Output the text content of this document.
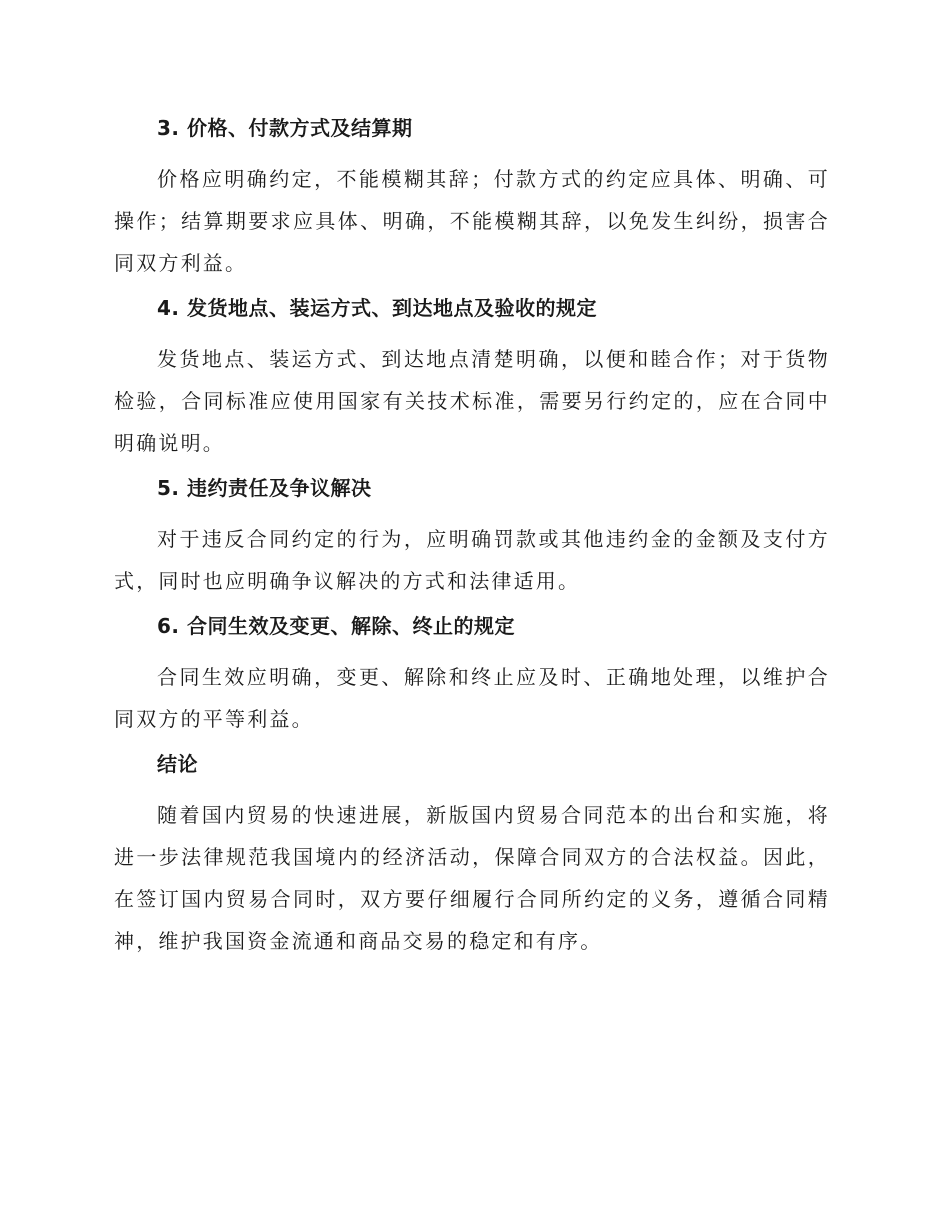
3. 价格、付款方式及结算期

价格应明确约定，不能模糊其辞；付款方式的约定应具体、明确、可操作；结算期要求应具体、明确，不能模糊其辞，以免发生纠纷，损害合同双方利益。

4. 发货地点、装运方式、到达地点及验收的规定

发货地点、装运方式、到达地点清楚明确，以便和睦合作；对于货物检验，合同标准应使用国家有关技术标准，需要另行约定的，应在合同中明确说明。

5. 违约责任及争议解决

对于违反合同约定的行为，应明确罚款或其他违约金的金额及支付方式，同时也应明确争议解决的方式和法律适用。

6. 合同生效及变更、解除、终止的规定

合同生效应明确，变更、解除和终止应及时、正确地处理，以维护合同双方的平等利益。

结论

随着国内贸易的快速进展，新版国内贸易合同范本的出台和实施，将进一步法律规范我国境内的经济活动，保障合同双方的合法权益。因此，在签订国内贸易合同时，双方要仔细履行合同所约定的义务，遵循合同精神，维护我国资金流通和商品交易的稳定和有序。
